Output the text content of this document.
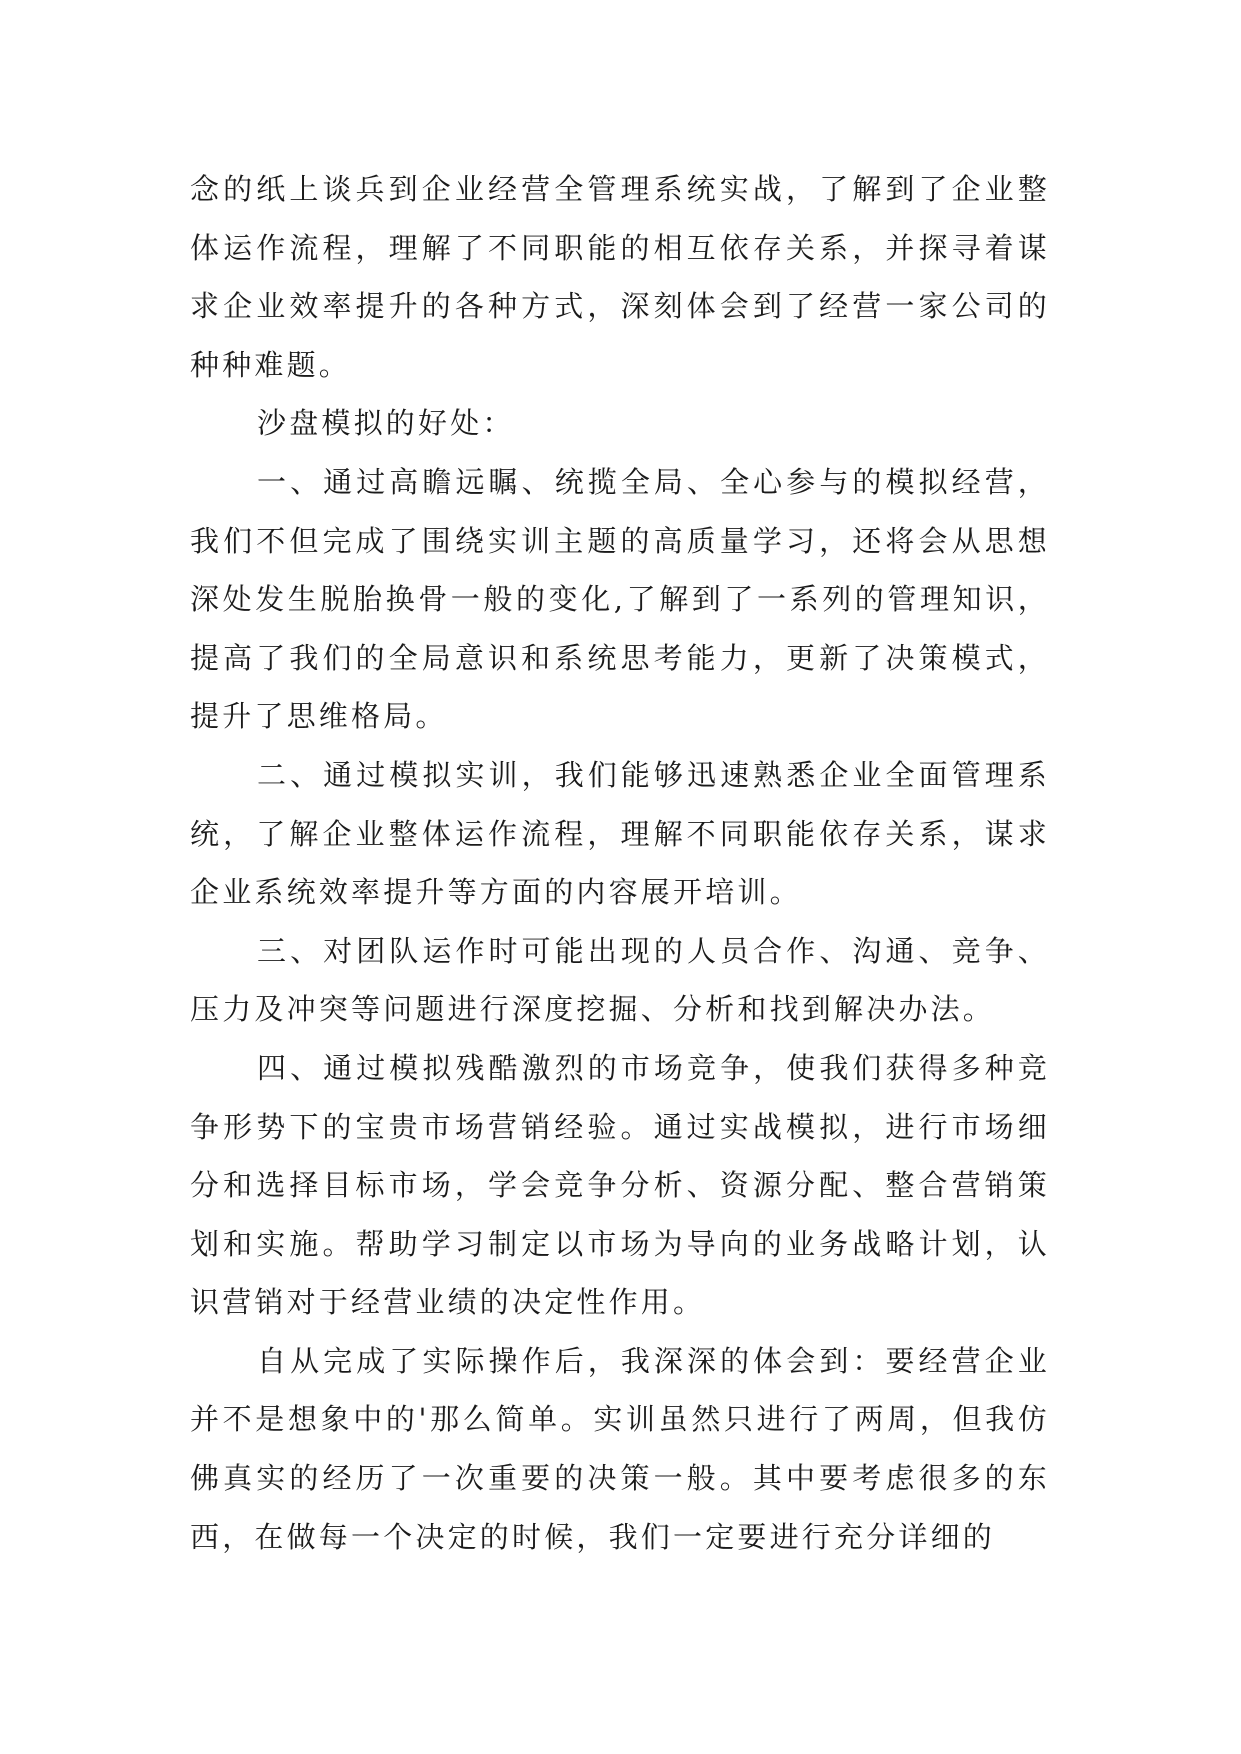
念的纸上谈兵到企业经营全管理系统实战，了解到了企业整体运作流程，理解了不同职能的相互依存关系，并探寻着谋求企业效率提升的各种方式，深刻体会到了经营一家公司的种种难题。

沙盘模拟的好处：

一、通过高瞻远瞩、统揽全局、全心参与的模拟经营，我们不但完成了围绕实训主题的高质量学习，还将会从思想深处发生脱胎换骨一般的变化,了解到了一系列的管理知识，提高了我们的全局意识和系统思考能力，更新了决策模式，提升了思维格局。

二、通过模拟实训，我们能够迅速熟悉企业全面管理系统，了解企业整体运作流程，理解不同职能依存关系，谋求企业系统效率提升等方面的内容展开培训。

三、对团队运作时可能出现的人员合作、沟通、竞争、压力及冲突等问题进行深度挖掘、分析和找到解决办法。

四、通过模拟残酷激烈的市场竞争，使我们获得多种竞争形势下的宝贵市场营销经验。通过实战模拟，进行市场细分和选择目标市场，学会竞争分析、资源分配、整合营销策划和实施。帮助学习制定以市场为导向的业务战略计划，认识营销对于经营业绩的决定性作用。

自从完成了实际操作后，我深深的体会到：要经营企业并不是想象中的'那么简单。实训虽然只进行了两周，但我仿佛真实的经历了一次重要的决策一般。其中要考虑很多的东西，在做每一个决定的时候，我们一定要进行充分详细的
